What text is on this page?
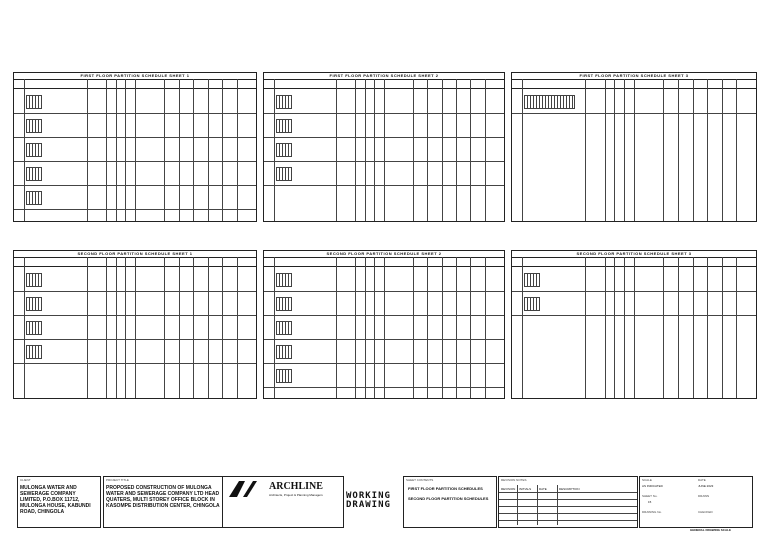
FIRST FLOOR PARTITION SCHEDULE SHEET 1	FIRST FLOOR PARTITION SCHEDULE SHEET 2	FIRST FLOOR PARTITION SCHEDULE SHEET 3
SECOND FLOOR PARTITION SCHEDULE SHEET 1	SECOND FLOOR PARTITION SCHEDULE SHEET 2	SECOND FLOOR PARTITION SCHEDULE SHEET 3
CLIENT
MULONGA WATER AND SEWERAGE COMPANY LIMITED, P.O.BOX 11712, MULONGA HOUSE, KABUNDI ROAD, CHINGOLA
PROJECT TITLE
PROPOSED CONSTRUCTION OF MULONGA WATER AND SEWERAGE COMPANY LTD HEAD QUATERS, MULTI STOREY OFFICE BLOCK IN KASOMPE DISTRIBUTION CENTER, CHINGOLA
ARCHLINE
Architects, Project & Planning Managers	WORKING DRAWING
SHEET CONTENTS
FIRST FLOOR PARTITION SCHEDULES
SECOND FLOOR PARTITION SCHEDULES
REVISION NOTES
REVISION INITIALS	DATE	DESCRIPTION
SCALE
AS INDICATED
DATE
JUNE 2023
SHEET No.
15
DRAWN
DRAWING No.	CHECKED
GENERAL DRAWING SCALE
